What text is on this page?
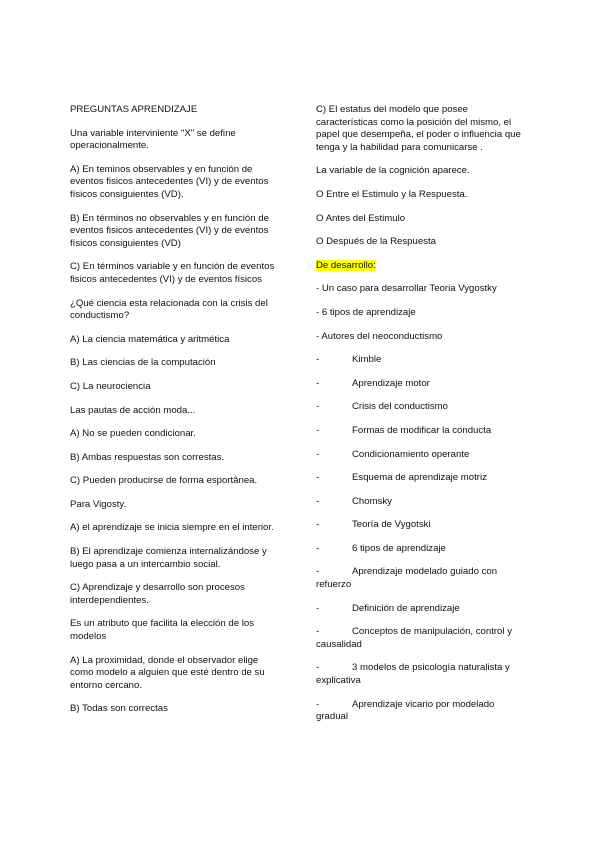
PREGUNTAS APRENDIZAJE

Una variable interviniente "X" se define operacionalmente.

A) En teminos observables y en función de eventos fisicos antecedentes (VI) y de eventos físicos consiguientes (VD).

B) En términos no observables y en función de eventos fisicos antecedentes (VI) y de eventos físicos consiguientes (VD)

C) En términos variable y en función de eventos fisicos antecedentes (VI) y de eventos físicos

¿Qué ciencia esta relacionada con la crisis del conductismo?

A) La ciencia matemática y aritmética

B) Las ciencias de la computación

C) La neurociencia

Las pautas de acción moda...

A) No se pueden condicionar.

B) Ambas respuestas son correstas.

C) Pueden producirse de forma esportânea.

Para Vigosty.

A) el aprendizaje se inicia siempre en el interior.

B) El aprendizaje comienza internalizándose y luego pasa a un intercambio social.

C) Aprendizaje y desarrollo son procesos interdependientes.

Es un atributo que facilita la elección de los modelos

A) La proximidad, donde el observador elige como modelo a alguien que esté dentro de su entorno cercano.

B) Todas son correctas

C) El estatus del modelo que posee características como la posición del mismo, el papel que desempeña, el poder o influencia que tenga y la habilidad para comunicarse .

La variable de la cognición aparece.

O Entre el Estimulo y la Respuesta.

O Antes del Estimulo

O Después de la Respuesta

De desarrollo:

- Un caso para desarrollar Teoria Vygostky

- 6 tipos de aprendizaje

- Autores del neoconductismo

-	Kimble
-	Aprendizaje motor
-	Crisis del conductismo
-	Formas de modificar la conducta
-	Condicionamiento operante
-	Esquema de aprendizaje motriz
-	Chomsky
-	Teoría de Vygotski
-	6 tipos de aprendizaje
-	Aprendizaje modelado guiado con refuerzo
-	Definición de aprendizaje
-	Conceptos de manipulación, control y causalidad
-	3 modelos de psicología naturalista y explicativa
-	Aprendizaje vicario por modelado gradual
